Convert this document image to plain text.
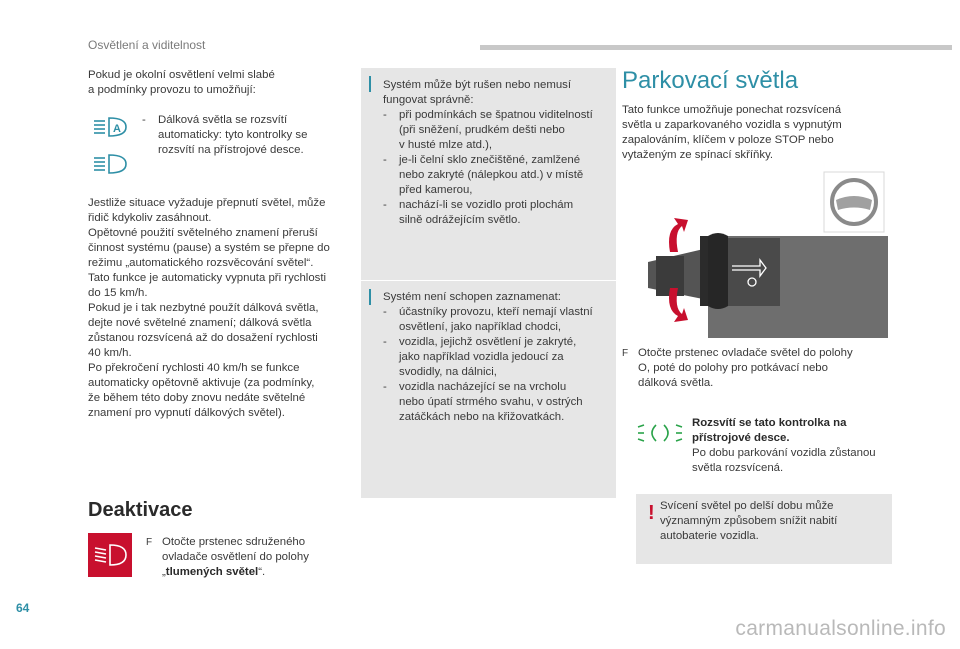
Osvětlení a viditelnost

Pokud je okolní osvětlení velmi slabé

a podmínky provozu to umožňují:

A
-	Dálková světla se rozsvítí

automaticky: tyto kontrolky se

rozsvítí na přístrojové desce.

Jestliže situace vyžaduje přepnutí světel, může

řidič kdykoliv zasáhnout.

Opětovné použití světelného znamení přeruší

činnost systému (pause) a systém se přepne do

režimu „automatického rozsvěcování světel“.

Tato funkce je automaticky vypnuta při rychlosti

do 15 km/h.

Pokud je i tak nezbytné použít dálková světla,

dejte nové světelné znamení; dálková světla

zůstanou rozsvícená až do dosažení rychlosti

40 km/h.

Po překročení rychlosti 40 km/h se funkce

automaticky opětovně aktivuje (za podmínky,

že během této doby znovu nedáte světelné

znamení pro vypnutí dálkových světel).

Deaktivace
F Otočte prstenec sdruženého

ovladače osvětlení do polohy

„tlumených světel“.

Systém může být rušen nebo nemusí

fungovat správně:

-	při podmínkách se špatnou viditelností

(při sněžení, prudkém dešti nebo

v husté mlze atd.),

-	je-li čelní sklo znečištěné, zamlžené

nebo zakryté (nálepkou atd.) v místě

před kamerou,

-	nachází-li se vozidlo proti plochám

silně odrážejícím světlo.

Systém není schopen zaznamenat:

-	účastníky provozu, kteří nemají vlastní

osvětlení, jako například chodci,

-	vozidla, jejichž osvětlení je zakryté,

jako například vozidla jedoucí za

svodidly, na dálnici,

-	vozidla nacházející se na vrcholu

nebo úpatí strmého svahu, v ostrých

zatáčkách nebo na křižovatkách.

Parkovací světla

Tato funkce umožňuje ponechat rozsvícená

světla u zaparkovaného vozidla s vypnutým

zapalováním, klíčem v poloze STOP nebo

vytaženým ze spínací skříňky.

F Otočte prstenec ovladače světel do polohy

O, poté do polohy pro potkávací nebo

dálková světla.

Rozsvítí se tato kontrolka na

přístrojové desce.

Po dobu parkování vozidla zůstanou

světla rozsvícená.

! Svícení světel po delší dobu může

významným způsobem snížit nabití

autobaterie vozidla.

64
carmanualsonline.info
